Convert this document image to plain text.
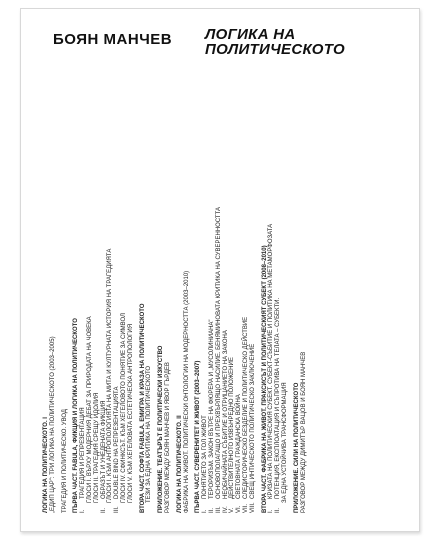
БОЯН МАНЧЕВ ЛОГИКА НА
ПОЛИТИЧЕСКОТО
ЛОГИКА НА ПОЛИТИЧЕСКОТО. I „ЕДИП ЦАР": ТРИ ЛОГИКА НА ПОЛИТИЧЕСКОТО (2003–2005) ТРАГЕДИЯ И ПОЛИТИЧЕСКО. УВОД ПЪРВА ЧАСТ. FABULA, ФИКЦИЯ И ЛОГИКА НА ПОЛИТИЧЕСКОТО I.ТРАГЕДИЯ И РЕПРЕЗЕНТАЦИЯ ГЛОСИ I. ВЪРХУ МОДЕРНИЯ ДЕБАТ ЗА ПРИРОДАТА НА ЧОВЕКА ГЛОСИ II. ТРАГЕДИЯ СРЕЩУ ИДОЛИЯ
II.ОБРАЗЪТ И УНЕДЕНАТА ФИКЦИЯ ГЛОСИ I. КЪМ АНТРОПОЛОГИЯТА НА МИТА И КУЛТУРНАТА ИСТОРИЯ НА ТРАГЕДИЯТА
III.DOUBLE BIND НА РЕПРЕЗЕНТАЦИЯТА ГЛОСИ IV. СФИНКСЪТ. КЪМ ХЕГЕЛОВОТО ПОНЯТИЕ ЗА СИМВОЛ ГЛОСИ V. КЪМ ХЕГЕЛОВАТА ЕСТЕТИЧЕСКА АНТРОПОЛОГИЯ ВТОРА ЧАСТ. СОФТА FABULA. ЕМИГРА И КРАЗА НА ПОЛИТИЧЕСКОТО ТЕЗИ ЗА ЕДНА КРИТИКА НА ПОЛИТИЧЕСКОТО ПРИЛОЖЕНИЕ. ТЕАТЪРЪТ Е ПОЛИТИЧЕСКИ ИЗКУСТВО РАЗГОВОР МЕЖДУ БОЯН МАНЧЕВ И ЯВОР ГЪРДЕВ ЛОГИКА НА ПОЛИТИЧЕСКОТО. II ФАБРИКА НА ЖИВОТ. ПОЛИТИЧЕСКИ ОНТОЛОГИИ НА МОДЕРНОСТТА (2003–2010) ПЪРВА ЧАСТ. СУВЕРЕНИТЕТ И ЖИВОТ (2003–2007) I.ПОНЯТИЕТО ЗА ГОЛ ЖИВОТ
II.ТЕРОРИЗЪМ. ЗАКОН ВЪТРЕ НА ФЮРЕРА И „МУСОЛИНИАНА"
III.ОСНОВОПОЛАГАЩО И ПРЕХВЪРЛЯЩО НАСИЛИЕ. БЕНЯМИНОВАТА КРИТИКА НА СУВЕРЕННОСТТА
IV.НЕОБИЧАЙНАТА СЪБИТИЕ И ОТРИЦАНИЕТО НА ЗАКОНА
V.ДЕЙСТВИТЕЛНОТО ИЗВЪНРЕДНО ПОЛОЖЕНИЕ
VI.СВЕТОВНАТА ГРАЖДАНСКА ВОЙНА
VII.СЛЕДИСТОРИЧЕСКО БЕЗДЕЛИЕ И ПОЛИТИЧЕСКО ДЕЙСТВИЕ
VIII.СВЕЩ ИНТИЧЕСКОТО ПОЛИТИЧЕСКО ЗАКЛЮЧЕНИЕ ВТОРА ЧАСТ. ФАБРИКА НА ЖИВОТ. ПРАКСИСЪТ И ПОЛИТИЧЕСКИЯТ СУБЕКТ (2008–2010) I.КРИЗАТА НА ПОЛИТИЧЕСКИЯ СУБЕКТ. СУБЕКТ-СЪБИТИЕ И ПОЛИТИКА НА МЕТАМОРФОЗАТА
II.ПОТЕНЦИЯ, ЕКСПЛОАТАЦИЯ И СЪПРОТИВА НА ТЕЛАТА – СУБЕКТИ. ЗА ЕДНА УСТОЙЧИВА ТРАНСФОРМАЦИЯ ПРИЛОЖЕНИЕ. СИЛИ НА ПОЛИТИЧЕСКОТО РАЗГОВОР МЕЖДУ ДИМИТЪР ВАЦОВ И БОЯН МАНЧЕВ
